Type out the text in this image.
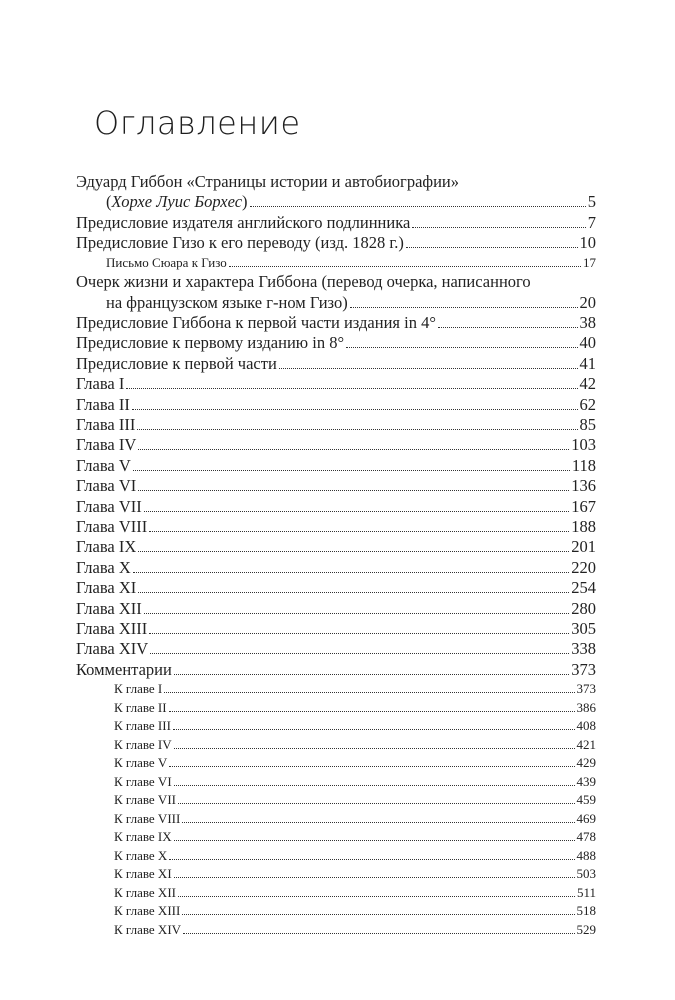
Оглавление
Эдуард Гиббон «Страницы истории и автобиографии»
(Хорхе Луис Борхес)	5
Предисловие издателя английского подлинника	7
Предисловие Гизо к его переводу (изд. 1828 г.)	10
Письмо Сюара к Гизо	17
Очерк жизни и характера Гиббона (перевод очерка, написанного
на французском языке г-ном Гизо)	20
Предисловие Гиббона к первой части издания in 4°	38
Предисловие к первому изданию in 8°	40
Предисловие к первой части	41
Глава I	42
Глава II	62
Глава III	85
Глава IV	103
Глава V	118
Глава VI	136
Глава VII	167
Глава VIII	188
Глава IX	201
Глава X	220
Глава XI	254
Глава XII	280
Глава XIII	305
Глава XIV	338
Комментарии	373
К главе I	373
К главе II	386
К главе III	408
К главе IV	421
К главе V	429
К главе VI	439
К главе VII	459
К главе VIII	469
К главе IX	478
К главе X	488
К главе XI	503
К главе XII	511
К главе XIII	518
К главе XIV	529
